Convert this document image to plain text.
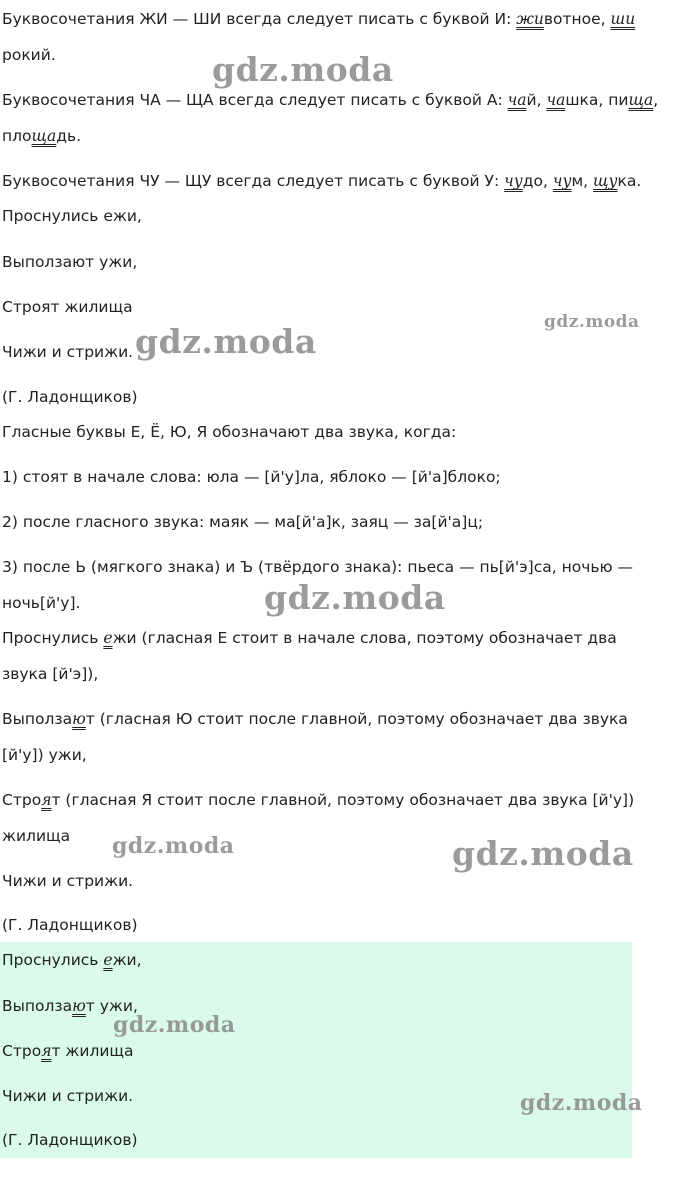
Буквосочетания ЖИ — ШИ всегда следует писать с буквой И: животное, ши
рокий.
Буквосочетания ЧА — ЩА всегда следует писать с буквой А: чай, чашка, пища,
площадь.
Буквосочетания ЧУ — ЩУ всегда следует писать с буквой У: чудо, чум, щука.
Проснулись ежи,
Выползают ужи,
Строят жилища
Чижи и стрижи.
(Г. Ладонщиков)
Гласные буквы Е, Ё, Ю, Я обозначают два звука, когда:
1) стоят в начале слова: юла — [й'у]ла, яблоко — [й'а]блоко;
2) после гласного звука: маяк — ма[й'а]к, заяц — за[й'а]ц;
3) после Ь (мягкого знака) и Ъ (твёрдого знака): пьеса — пь[й'э]са, ночью —
ночь[й'у].
Проснулись ежи (гласная Е стоит в начале слова, поэтому обозначает два
звука [й'э]),
Выползают (гласная Ю стоит после главной, поэтому обозначает два звука
[й'у]) ужи,
Строят (гласная Я стоит после главной, поэтому обозначает два звука [й'у])
жилища
Чижи и стрижи.
(Г. Ладонщиков)
Проснулись ежи,
Выползают ужи,
Строят жилища
Чижи и стрижи.
(Г. Ладонщиков)
gdz.moda
gdz.moda
gdz.moda
gdz.moda
gdz.moda	gdz.moda
gdz.moda
gdz.moda
